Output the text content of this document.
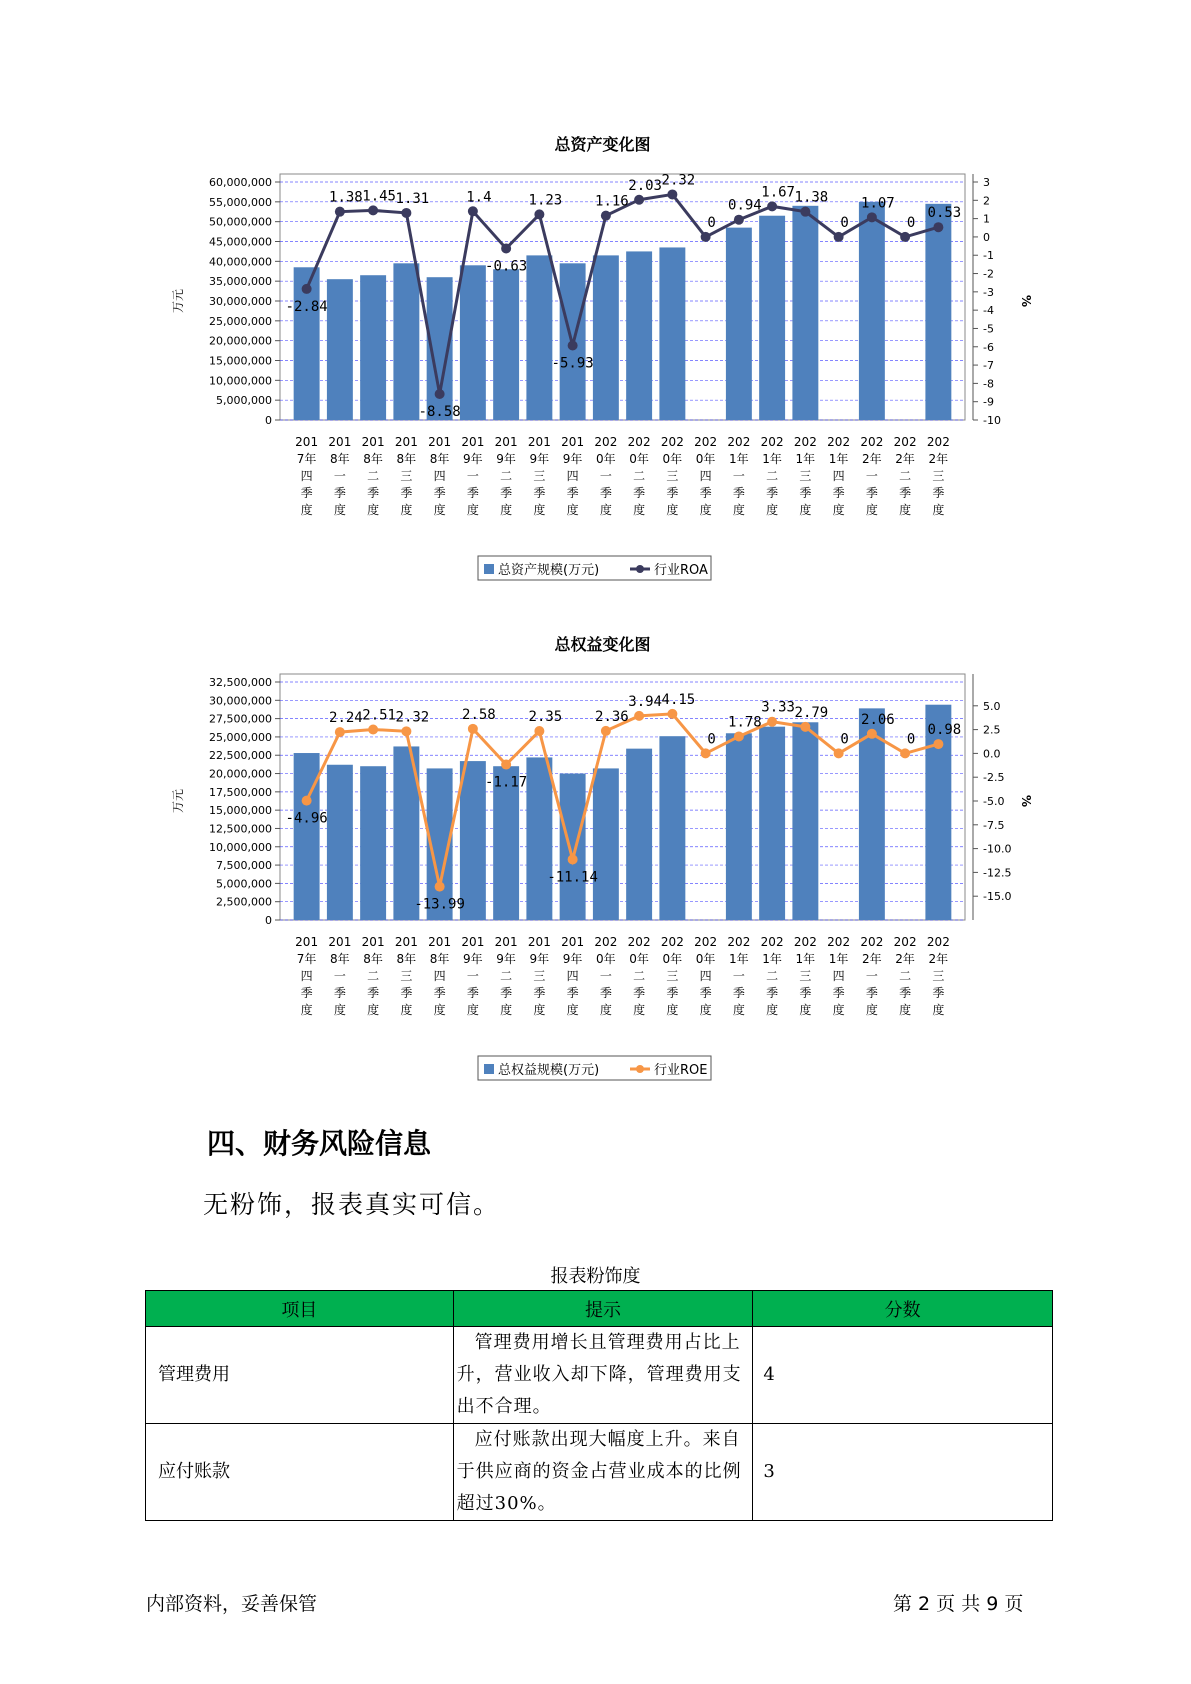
总资产变化图
60,000,000
55,000,000
50,000,000
45,000,000
40,000,000
35,000,000
30,000,000
25,000,000
20,000,000
15,000,000
10,000,000
5,000,000
0
3
2
1
0
-1
-2
-3
-4
-5
-6
-7
-8
-9
-10
万元	%
-2.84
1.38 1.45 1.31
-8.58
1.4
-0.63
1.23
-5.93
1.16
2.03 2.32
0
0.94
1.67 1.38
0
1.07
0
0.53
201
7年
四
季
度
201
8年
一
季
度
201
8年
二
季
度
201
8年
三
季
度
201
8年
四
季
度
201
9年
一
季
度
201
9年
二
季
度
201
9年
三
季
度
201
9年
四
季
度
202
0年
一
季
度
202
0年
二
季
度
202
0年
三
季
度
202
0年
四
季
度
202
1年
一
季
度
202
1年
二
季
度
202
1年
三
季
度
202
1年
四
季
度
202
2年
一
季
度
202
2年
二
季
度
202
2年
三
季
度
总资产规模(万元)	行业ROA
总权益变化图
32,500,000
30,000,000
27,500,000
25,000,000
22,500,000
20,000,000
17,500,000
15,000,000
12,500,000
10,000,000
7,500,000
5,000,000
2,500,000
0
5.0
2.5
0.0
-2.5
-5.0
-7.5
-10.0
-12.5
-15.0
万元	%
-4.96
2.24 2.51 2.32
-13.99
2.58
-1.17
2.35
-11.14
2.36
3.94 4.15
0
1.78
3.33 2.79
0
2.06
0
0.98
201
7年
四
季
度
201
8年
一
季
度
201
8年
二
季
度
201
8年
三
季
度
201
8年
四
季
度
201
9年
一
季
度
201
9年
二
季
度
201
9年
三
季
度
201
9年
四
季
度
202
0年
一
季
度
202
0年
二
季
度
202
0年
三
季
度
202
0年
四
季
度
202
1年
一
季
度
202
1年
二
季
度
202
1年
三
季
度
202
1年
四
季
度
202
2年
一
季
度
202
2年
二
季
度
202
2年
三
季
度
总权益规模(万元)	行业ROE
四、财务风险信息
无粉饰，报表真实可信。
报表粉饰度
项目	提示	分数
管理费用	管理费用增长且管理费用占比上升，营业收入却下降，管理费用支出不合理。	4
应付账款	应付账款出现大幅度上升。来自于供应商的资金占营业成本的比例超过30%。	3
内部资料，妥善保管	第 2 页 共 9 页
